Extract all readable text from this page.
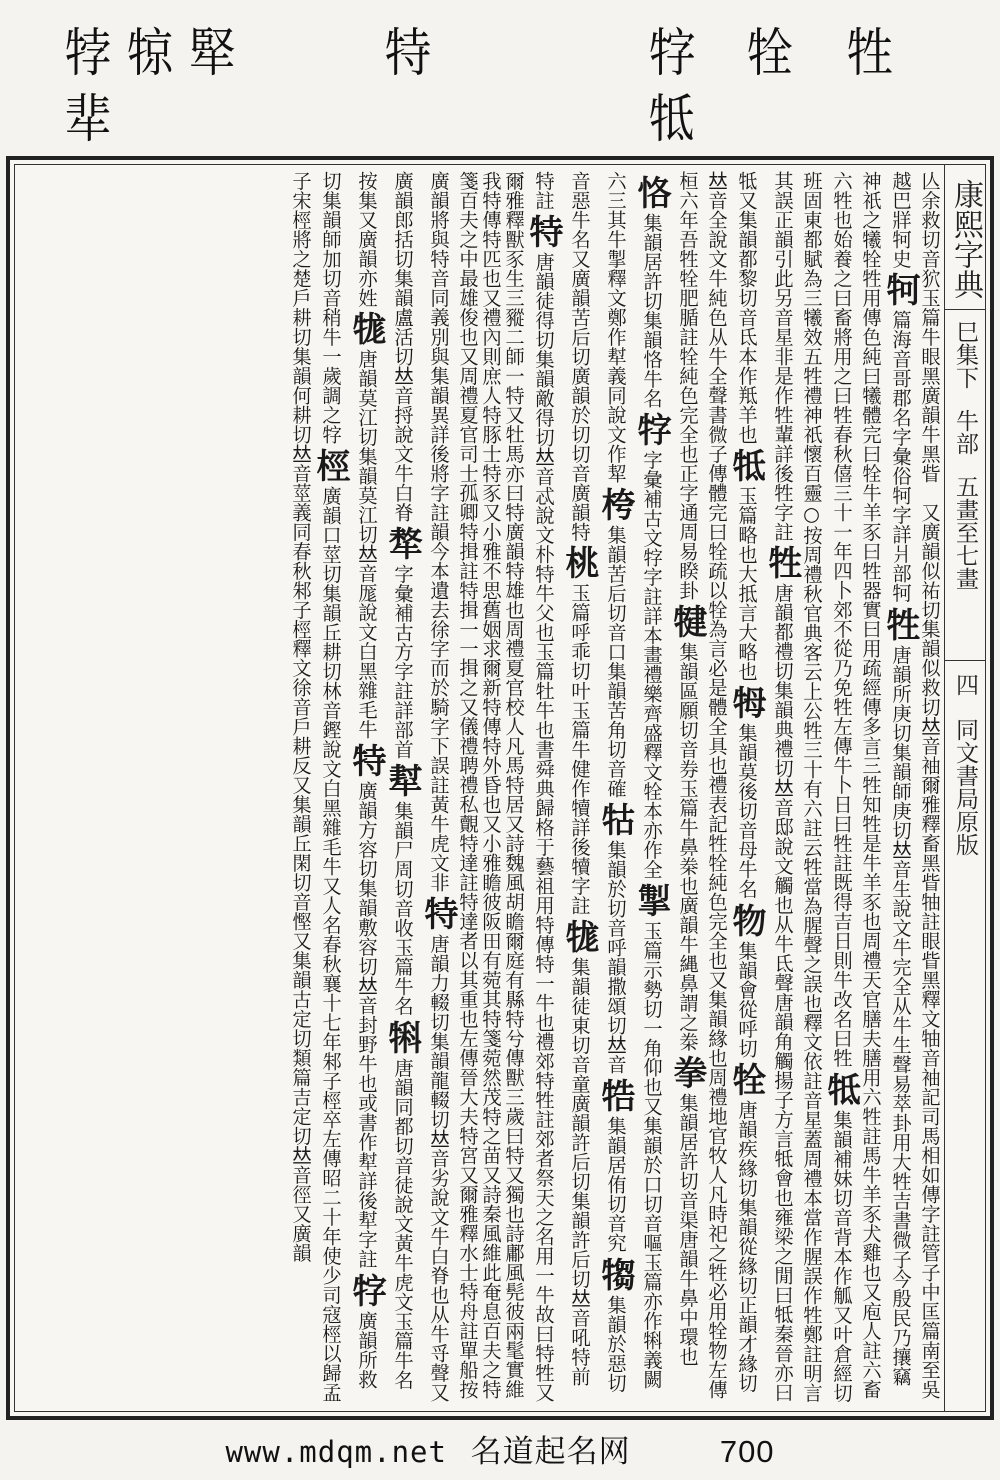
㹀 㹁 㹂
㹃
特	牸 牷 牲
牴
康熙字典
巳集下
牛部
五畫至七畫
四
同文書局原版
亾余救切音狖玉篇牛眼黑廣韻牛黑眥　又廣韻似祐切集韻似救切𠀤音袖爾雅釋畜黑眥牰註眼眥黑釋文牰音袖記司馬相如傳字註管子中匡篇南至吳越巴牂牱史牱篇海音哥郡名字彙俗牱字詳爿部牱牲唐韻所庚切集韻師庚切𠀤音生說文牛完全从牛生聲易萃卦用大牲吉書微子今殷民乃攘竊神祇之犧牷牲用傳色純曰犧體完曰牷牛羊豕曰牲器實曰用疏經傳多言三牲知牲是牛羊豕也周禮天官膳夫膳用六牲註馬牛羊豕犬雞也又庖人註六畜六牲也始養之曰畜將用之曰牲春秋僖三十一年四卜郊不從乃免牲左傳牛卜日曰牲註既得吉日則牛改名曰牲牴集韻補妹切音背本作觚又叶倉經切班固東都賦為三犧效五牲禮神祇懷百靈○按周禮秋官典客云上公牲三十有六註云牲當為腥聲之誤也釋文依註音星蓋周禮本當作腥誤作牲鄭註明言其誤正韻引此另音星非是作牲輩詳後牲字註牲唐韻都禮切集韻典禮切𠀤音邸說文觸也从牛氐聲唐韻角觸揚子方言牴會也雍梁之閒曰牴秦晉亦曰牴又集韻都黎切音氐本作羝羊也牴玉篇略也大抵言大略也牳集韻莫後切音母牛名物集韻會從呼切牷唐韻疾緣切集韻從緣切正韻才緣切𠀤音全說文牛純色从牛全聲書微子傳體完曰牷疏以牷為言必是體全具也禮表記牲牷純色完全也又集韻緣也周禮地官牧人凡時祀之牲必用牷物左傳桓六年吾牲牷肥腯註牷純色完全也正字通周易睽卦犍集韻區願切音券玉篇牛鼻桊也廣韻牛縄鼻謂之桊拳集韻居許切音渠唐韻牛鼻中環也恪集韻居許切集韻恪牛名牸字彙補古文牸字註詳本畫禮樂齊盛釋文牷本亦作全掣玉篇示勢切一角仰也又集韻於口切音嘔玉篇亦作犐義闕六三其牛掣釋文鄭作犎義同說文作㸷桍集韻苦后切音口集韻苦角切音確牯集韻於切音呼韻撒頌切𠀤音牿集韻居侑切音究犓集韻於惡切音惡牛名又廣韻苦后切廣韻於切切音廣韻特桃玉篇呼乖切叶玉篇牛健作犢詳後犢字註牻集韻徒東切音童廣韻許后切集韻許后切𠀤音吼特前特註特唐韻徒得切集韻敵得切𠀤音忒說文朴特牛父也玉篇牡牛也書舜典歸格于藝祖用特傳特一牛也禮郊特牲註郊者祭天之名用一牛故曰特牲又爾雅釋獸豕生三豵二師一特又牡馬亦曰特廣韻特雄也周禮夏官校人凡馬特居又詩魏風胡瞻爾庭有縣特兮傳獸三歲曰特又獨也詩鄘風髡彼兩髦實維我特傳特匹也又禮內則庶人特豚士特豕又小雅不思舊姻求爾新特傳特外昏也又小雅瞻彼阪田有菀其特箋菀然茂特之苗又詩秦風維此奄息百夫之特箋百夫之中最雄俊也又周禮夏官司士孤卿特揖註特揖一一揖之又儀禮聘禮私覿特達註特達者以其重也左傳晉大夫特宮又爾雅釋水士特舟註單船按廣韻將與特音同義別與集韻異詳後將字註韻今本遺去徐字而於騎字下誤註黃牛虎文非特唐韻力輟切集韻龍輟切𠀤音劣說文牛白脊也从牛寽聲又廣韻郎括切集韻盧活切𠀤音捋說文牛白脊㹈字彙補古方字註詳部首犎集韻尸周切音收玉篇牛名犐唐韻同都切音徒說文黃牛虎文玉篇牛名按集又廣韻亦姓牻唐韻莫江切集韻莫江切𠀤音厖說文白黑雜毛牛特廣韻方容切集韻敷容切𠀤音封野牛也或書作犎詳後犎字註牸廣韻所救切集韻師加切音稍牛一歲調之牸桱廣韻口莖切集韻丘耕切林音鏗說文白黑雜毛牛又人名春秋襄十七年邾子桱卒左傳昭二十年使少司寇桱以歸孟子宋桱將之楚戶耕切集韻何耕切𠀤音莖義同春秋邾子桱釋文徐音戶耕反又集韻丘閑切音慳又集韻古定切類篇吉定切𠀤音徑又廣韻
www.mdqm.net 名道起名网	700
